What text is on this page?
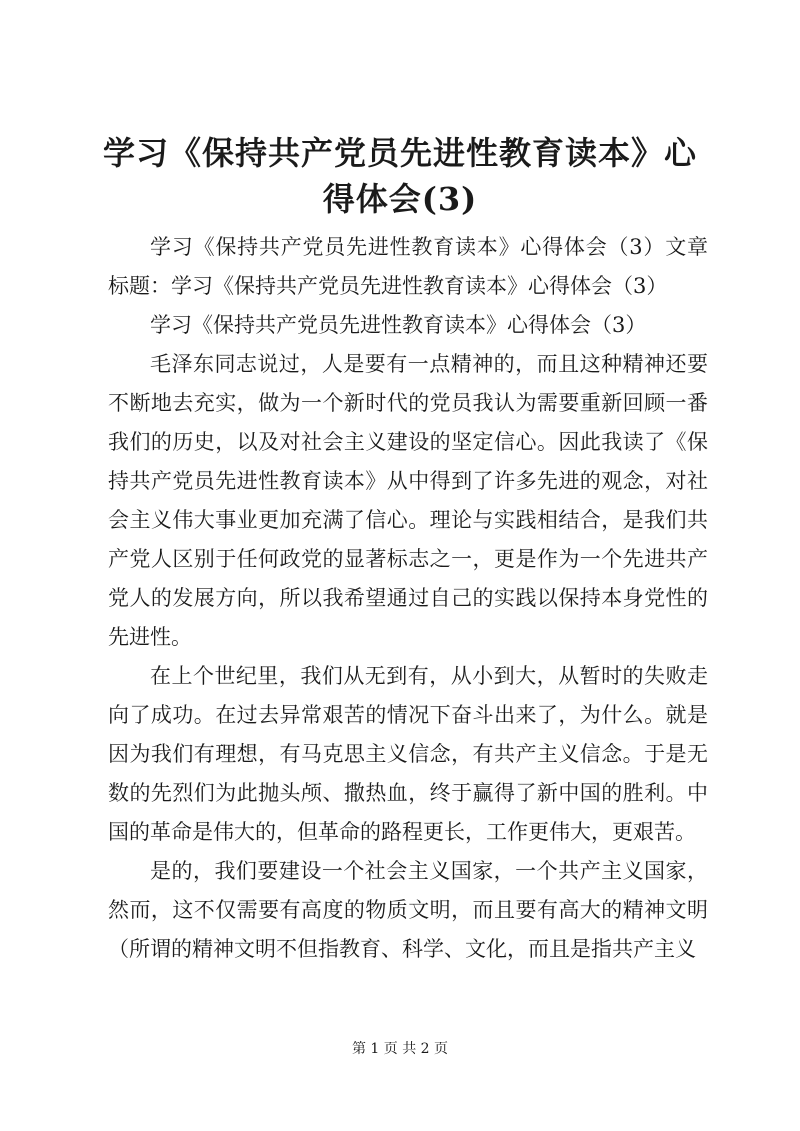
学习《保持共产党员先进性教育读本》心得体会(3)

学习《保持共产党员先进性教育读本》心得体会（3）文章标题：学习《保持共产党员先进性教育读本》心得体会（3）

学习《保持共产党员先进性教育读本》心得体会（3）

毛泽东同志说过，人是要有一点精神的，而且这种精神还要不断地去充实，做为一个新时代的党员我认为需要重新回顾一番我们的历史，以及对社会主义建设的坚定信心。因此我读了《保持共产党员先进性教育读本》从中得到了许多先进的观念，对社会主义伟大事业更加充满了信心。理论与实践相结合，是我们共产党人区别于任何政党的显著标志之一，更是作为一个先进共产党人的发展方向，所以我希望通过自己的实践以保持本身党性的先进性。

在上个世纪里，我们从无到有，从小到大，从暂时的失败走向了成功。在过去异常艰苦的情况下奋斗出来了，为什么。就是因为我们有理想，有马克思主义信念，有共产主义信念。于是无数的先烈们为此抛头颅、撒热血，终于赢得了新中国的胜利。中国的革命是伟大的，但革命的路程更长，工作更伟大，更艰苦。

是的，我们要建设一个社会主义国家，一个共产主义国家，然而，这不仅需要有高度的物质文明，而且要有高大的精神文明（所谓的精神文明不但指教育、科学、文化，而且是指共产主义

第 1 页 共 2 页
